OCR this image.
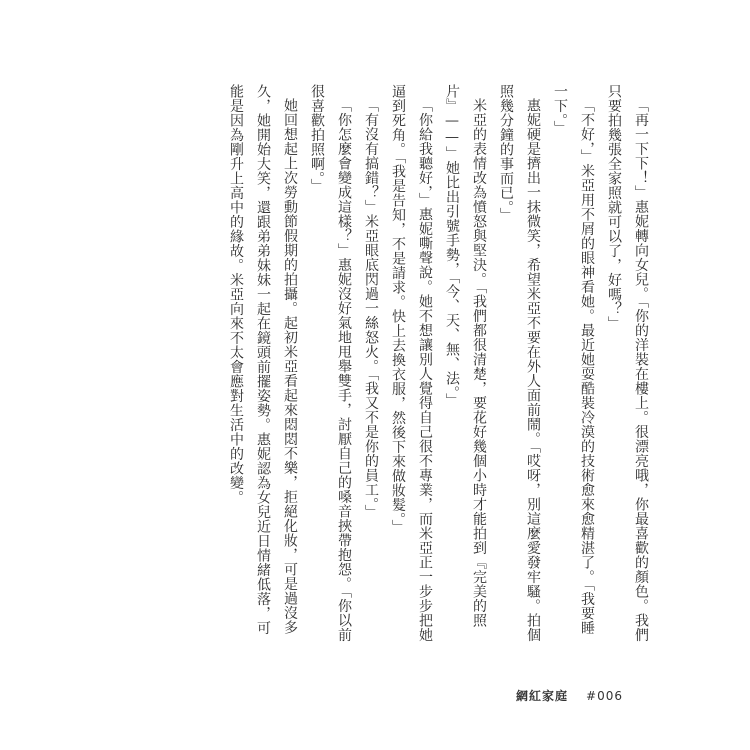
「再一下下！」惠妮轉向女兒。「你的洋裝在樓上。很漂亮哦，你最喜歡的顏色。我們只要拍幾張全家照就可以了，好嗎？」

「不好，」米亞用不屑的眼神看她。最近她耍酷裝冷漠的技術愈來愈精湛了。「我要睡一下。」

惠妮硬是擠出一抹微笑，希望米亞不要在外人面前鬧。「哎呀，別這麼愛發牢騷。拍個照幾分鐘的事而已。」

米亞的表情改為憤怒與堅決。「我們都很清楚，要花好幾個小時才能拍到『完美的照片』——」她比出引號手勢，「今、天、無、法。」

「你給我聽好，」惠妮嘶聲說。她不想讓別人覺得自己很不專業，而米亞正一步步把她逼到死角。「我是告知，不是請求。快上去換衣服，然後下來做妝髮。」

「有沒有搞錯？」米亞眼底閃過一絲怒火。「我又不是你的員工。」

「你怎麼會變成這樣？」惠妮沒好氣地甩舉雙手，討厭自己的嗓音挾帶抱怨。「你以前很喜歡拍照啊。」

她回想起上次勞動節假期的拍攝。起初米亞看起來悶悶不樂，拒絕化妝，可是過沒多久，她開始大笑，還跟弟弟妹妹一起在鏡頭前擺姿勢。惠妮認為女兒近日情緒低落，可能是因為剛升上高中的緣故。米亞向來不太會應對生活中的改變。

網紅家庭 #006
